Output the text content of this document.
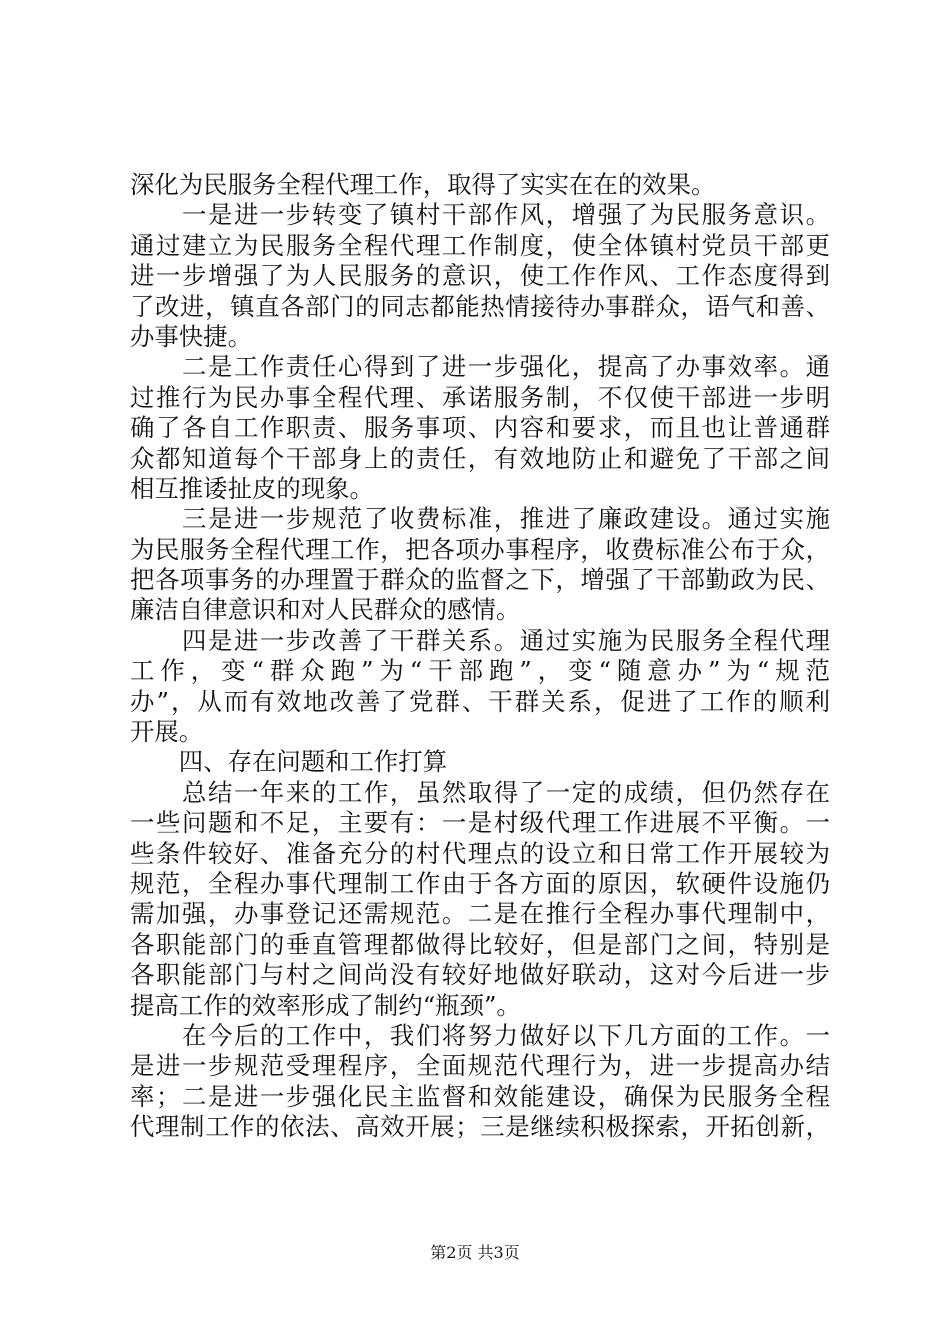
深化为民服务全程代理工作，取得了实实在在的效果。
　　一是进一步转变了镇村干部作风，增强了为民服务意识。
通过建立为民服务全程代理工作制度，使全体镇村党员干部更
进一步增强了为人民服务的意识，使工作作风、工作态度得到
了改进，镇直各部门的同志都能热情接待办事群众，语气和善、
办事快捷。
　　二是工作责任心得到了进一步强化，提高了办事效率。通
过推行为民办事全程代理、承诺服务制，不仅使干部进一步明
确了各自工作职责、服务事项、内容和要求，而且也让普通群
众都知道每个干部身上的责任，有效地防止和避免了干部之间
相互推诿扯皮的现象。
　　三是进一步规范了收费标准，推进了廉政建设。通过实施
为民服务全程代理工作，把各项办事程序，收费标准公布于众，
把各项事务的办理置于群众的监督之下，增强了干部勤政为民、
廉洁自律意识和对人民群众的感情。
　　四是进一步改善了干群关系。通过实施为民服务全程代理
工作，变“群众跑”为“干部跑”，变“随意办”为“规范
办”，从而有效地改善了党群、干群关系，促进了工作的顺利
开展。
　　四、存在问题和工作打算
　　总结一年来的工作，虽然取得了一定的成绩，但仍然存在
一些问题和不足，主要有：一是村级代理工作进展不平衡。一
些条件较好、准备充分的村代理点的设立和日常工作开展较为
规范，全程办事代理制工作由于各方面的原因，软硬件设施仍
需加强，办事登记还需规范。二是在推行全程办事代理制中，
各职能部门的垂直管理都做得比较好，但是部门之间，特别是
各职能部门与村之间尚没有较好地做好联动，这对今后进一步
提高工作的效率形成了制约“瓶颈”。
　　在今后的工作中，我们将努力做好以下几方面的工作。一
是进一步规范受理程序，全面规范代理行为，进一步提高办结
率；二是进一步强化民主监督和效能建设，确保为民服务全程
代理制工作的依法、高效开展；三是继续积极探索，开拓创新，
第2页 共3页
